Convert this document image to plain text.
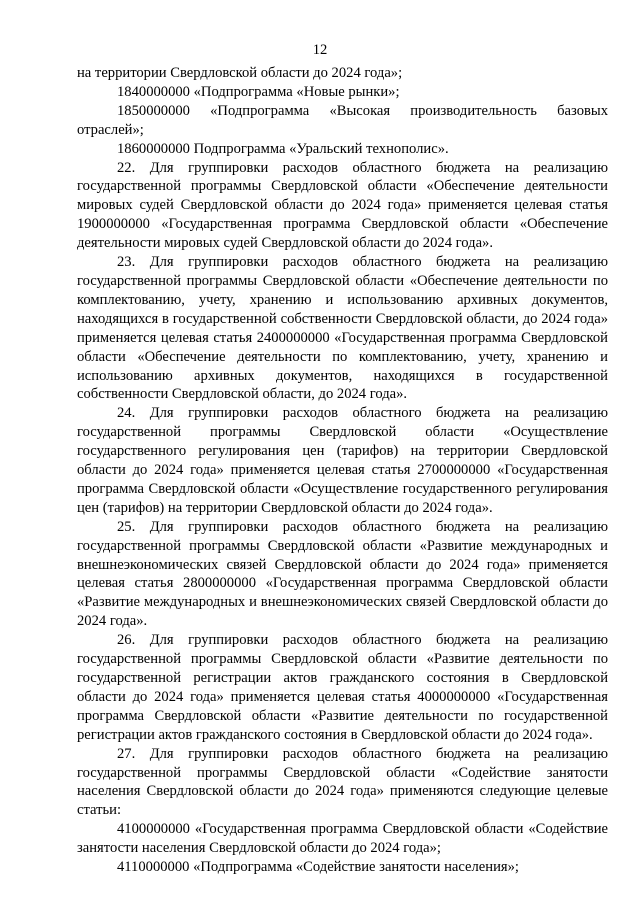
12

на территории Свердловской области до 2024 года»;

1840000000 «Подпрограмма «Новые рынки»;

1850000000 «Подпрограмма «Высокая производительность базовых отраслей»;

1860000000 Подпрограмма «Уральский технополис».

22. Для группировки расходов областного бюджета на реализацию государственной программы Свердловской области «Обеспечение деятельности мировых судей Свердловской области до 2024 года» применяется целевая статья 1900000000 «Государственная программа Свердловской области «Обеспечение деятельности мировых судей Свердловской области до 2024 года».

23. Для группировки расходов областного бюджета на реализацию государственной программы Свердловской области «Обеспечение деятельности по комплектованию, учету, хранению и использованию архивных документов, находящихся в государственной собственности Свердловской области, до 2024 года» применяется целевая статья 2400000000 «Государственная программа Свердловской области «Обеспечение деятельности по комплектованию, учету, хранению и использованию архивных документов, находящихся в государственной собственности Свердловской области, до 2024 года».

24. Для группировки расходов областного бюджета на реализацию государственной программы Свердловской области «Осуществление государственного регулирования цен (тарифов) на территории Свердловской области до 2024 года» применяется целевая статья 2700000000 «Государственная программа Свердловской области «Осуществление государственного регулирования цен (тарифов) на территории Свердловской области до 2024 года».

25. Для группировки расходов областного бюджета на реализацию государственной программы Свердловской области «Развитие международных и внешнеэкономических связей Свердловской области до 2024 года» применяется целевая статья 2800000000 «Государственная программа Свердловской области «Развитие международных и внешнеэкономических связей Свердловской области до 2024 года».

26. Для группировки расходов областного бюджета на реализацию государственной программы Свердловской области «Развитие деятельности по государственной регистрации актов гражданского состояния в Свердловской области до 2024 года» применяется целевая статья 4000000000 «Государственная программа Свердловской области «Развитие деятельности по государственной регистрации актов гражданского состояния в Свердловской области до 2024 года».

27. Для группировки расходов областного бюджета на реализацию государственной программы Свердловской области «Содействие занятости населения Свердловской области до 2024 года» применяются следующие целевые статьи:

4100000000 «Государственная программа Свердловской области «Содействие занятости населения Свердловской области до 2024 года»;

4110000000 «Подпрограмма «Содействие занятости населения»;
